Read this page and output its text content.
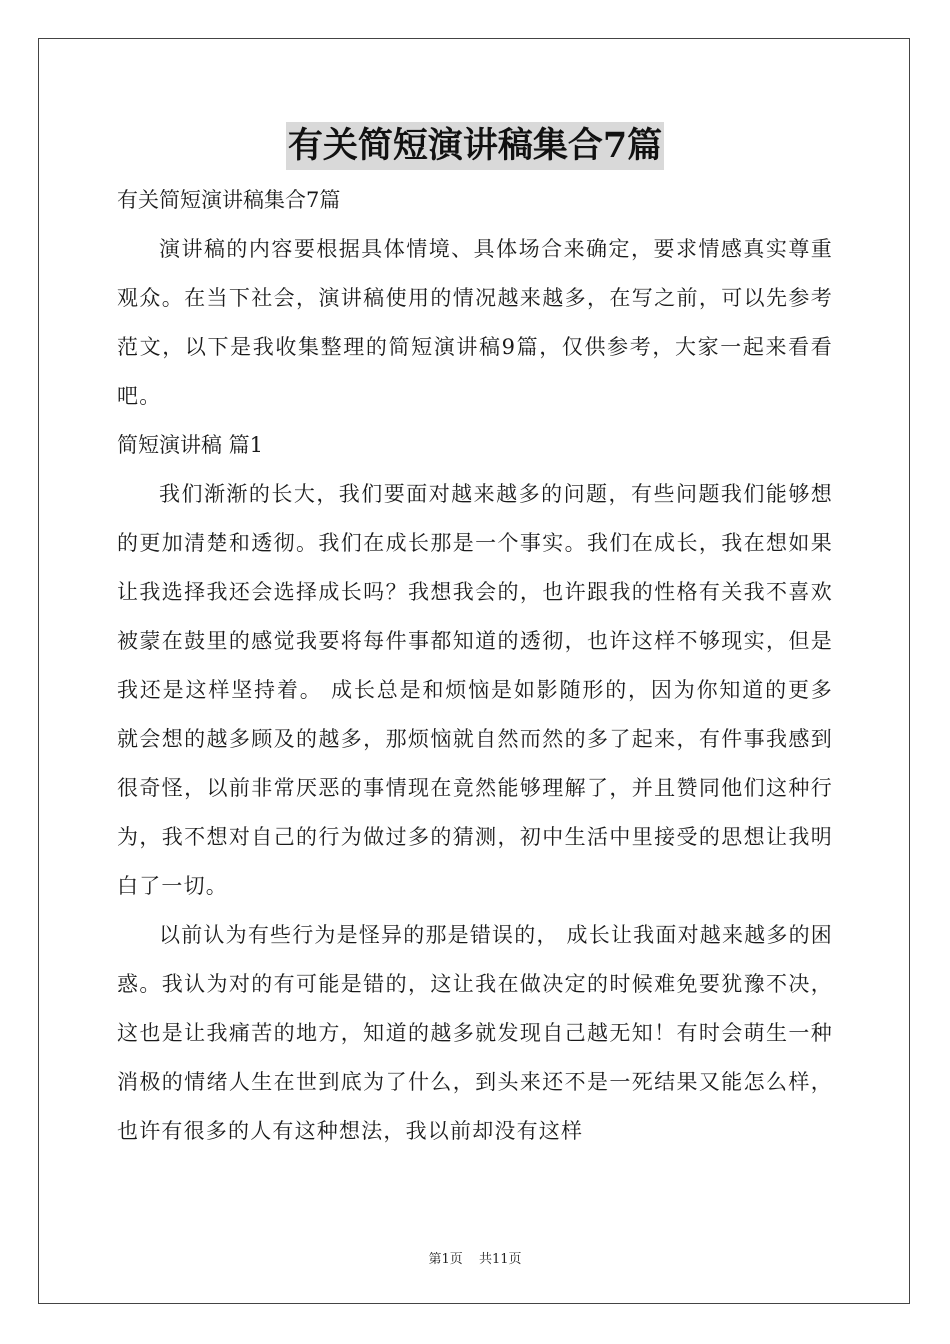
有关简短演讲稿集合7篇

有关简短演讲稿集合7篇

演讲稿的内容要根据具体情境、具体场合来确定，要求情感真实尊重观众。在当下社会，演讲稿使用的情况越来越多，在写之前，可以先参考范文，以下是我收集整理的简短演讲稿9篇，仅供参考，大家一起来看看吧。

简短演讲稿 篇1

我们渐渐的长大，我们要面对越来越多的问题，有些问题我们能够想的更加清楚和透彻。我们在成长那是一个事实。我们在成长，我在想如果让我选择我还会选择成长吗？我想我会的，也许跟我的性格有关我不喜欢被蒙在鼓里的感觉我要将每件事都知道的透彻，也许这样不够现实，但是我还是这样坚持着。 成长总是和烦恼是如影随形的，因为你知道的更多就会想的越多顾及的越多，那烦恼就自然而然的多了起来，有件事我感到很奇怪，以前非常厌恶的事情现在竟然能够理解了，并且赞同他们这种行为，我不想对自己的行为做过多的猜测，初中生活中里接受的思想让我明白了一切。

以前认为有些行为是怪异的那是错误的， 成长让我面对越来越多的困惑。我认为对的有可能是错的，这让我在做决定的时候难免要犹豫不决，这也是让我痛苦的地方，知道的越多就发现自己越无知！有时会萌生一种消极的情绪人生在世到底为了什么，到头来还不是一死结果又能怎么样，也许有很多的人有这种想法，我以前却没有这样

第1页 共11页
